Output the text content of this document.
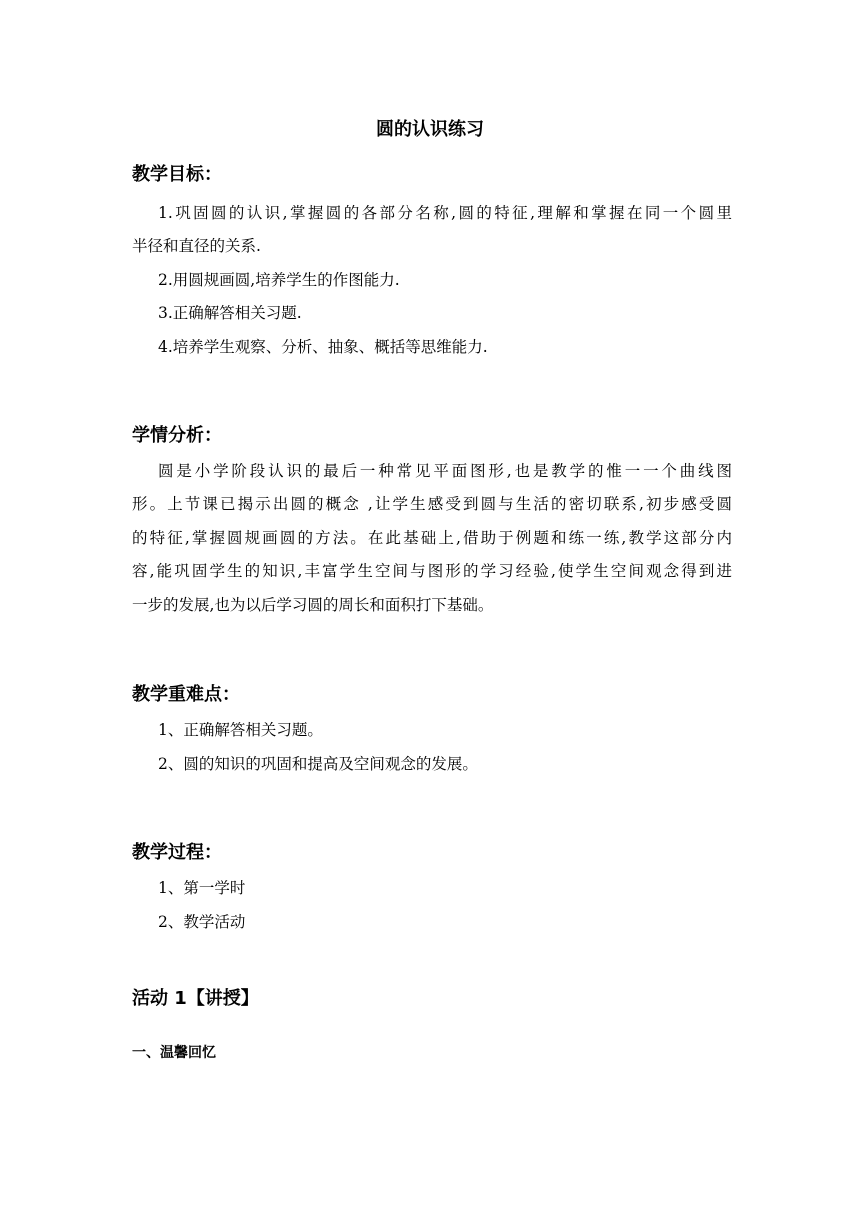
圆的认识练习
教学目标：
1.巩固圆的认识,掌握圆的各部分名称,圆的特征,理解和掌握在同一个圆里
半径和直径的关系.
2.用圆规画圆,培养学生的作图能力.
3.正确解答相关习题.
4.培养学生观察、分析、抽象、概括等思维能力.
学情分析：
圆是小学阶段认识的最后一种常见平面图形,也是教学的惟一一个曲线图
形。上节课已揭示出圆的概念 ,让学生感受到圆与生活的密切联系,初步感受圆
的特征,掌握圆规画圆的方法。在此基础上,借助于例题和练一练,教学这部分内
容,能巩固学生的知识,丰富学生空间与图形的学习经验,使学生空间观念得到进
一步的发展,也为以后学习圆的周长和面积打下基础。
教学重难点：
1、正确解答相关习题。
2、圆的知识的巩固和提高及空间观念的发展。
教学过程：
1、第一学时
2、教学活动
活动 1【讲授】
一、温馨回忆
